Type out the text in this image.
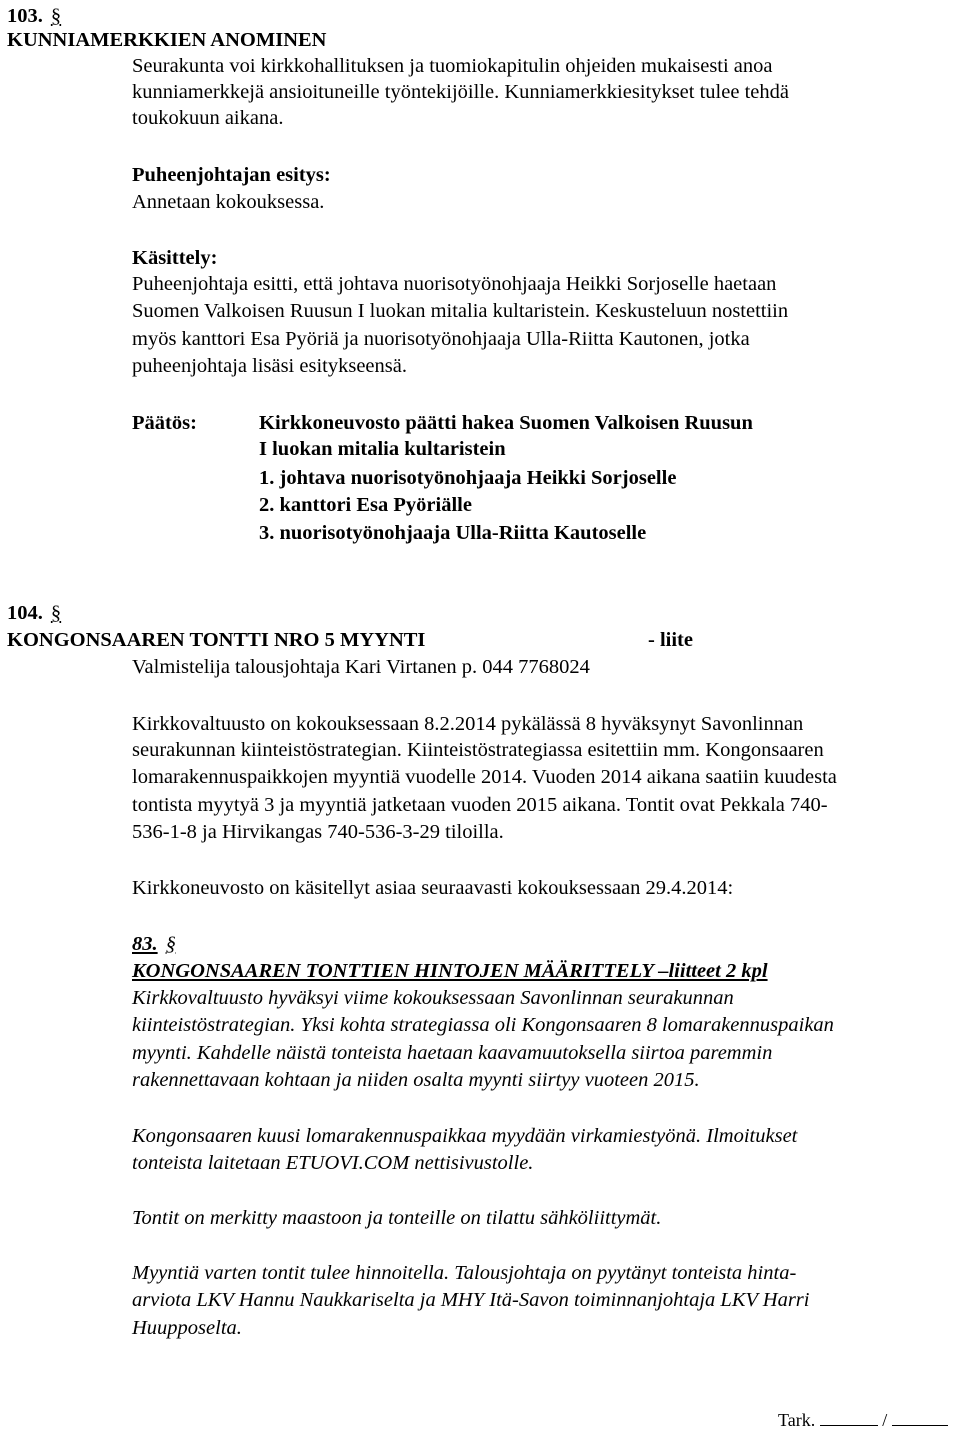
103. §
KUNNIAMERKKIEN ANOMINEN
Seurakunta voi kirkkohallituksen ja tuomiokapitulin ohjeiden mukaisesti anoa
kunniamerkkejä ansioituneille työntekijöille. Kunniamerkkiesitykset tulee tehdä
toukokuun aikana.
Puheenjohtajan esitys:
Annetaan kokouksessa.
Käsittely:
Puheenjohtaja esitti, että johtava nuorisotyönohjaaja Heikki Sorjoselle haetaan
Suomen Valkoisen Ruusun I luokan mitalia kultaristein. Keskusteluun nostettiin
myös kanttori Esa Pyöriä ja nuorisotyönohjaaja Ulla-Riitta Kautonen, jotka
puheenjohtaja lisäsi esitykseensä.
Päätös:	Kirkkoneuvosto päätti hakea Suomen Valkoisen Ruusun
I luokan mitalia kultaristein
1. johtava nuorisotyönohjaaja Heikki Sorjoselle
2. kanttori Esa Pyöriälle
3. nuorisotyönohjaaja Ulla-Riitta Kautoselle
104. §
KONGONSAAREN TONTTI NRO 5 MYYNTI	- liite
Valmistelija talousjohtaja Kari Virtanen p. 044 7768024
Kirkkovaltuusto on kokouksessaan 8.2.2014 pykälässä 8 hyväksynyt Savonlinnan
seurakunnan kiinteistöstrategian. Kiinteistöstrategiassa esitettiin mm. Kongonsaaren
lomarakennuspaikkojen myyntiä vuodelle 2014. Vuoden 2014 aikana saatiin kuudesta
tontista myytyä 3 ja myyntiä jatketaan vuoden 2015 aikana. Tontit ovat Pekkala 740-
536-1-8 ja Hirvikangas 740-536-3-29 tiloilla.
Kirkkoneuvosto on käsitellyt asiaa seuraavasti kokouksessaan 29.4.2014:
83. §
KONGONSAAREN TONTTIEN HINTOJEN MÄÄRITTELY –liitteet 2 kpl
Kirkkovaltuusto hyväksyi viime kokouksessaan Savonlinnan seurakunnan
kiinteistöstrategian. Yksi kohta strategiassa oli Kongonsaaren 8 lomarakennuspaikan
myynti. Kahdelle näistä tonteista haetaan kaavamuutoksella siirtoa paremmin
rakennettavaan kohtaan ja niiden osalta myynti siirtyy vuoteen 2015.
Kongonsaaren kuusi lomarakennuspaikkaa myydään virkamiestyönä. Ilmoitukset
tonteista laitetaan ETUOVI.COM nettisivustolle.
Tontit on merkitty maastoon ja tonteille on tilattu sähköliittymät.
Myyntiä varten tontit tulee hinnoitella. Talousjohtaja on pyytänyt tonteista hinta-
arviota LKV Hannu Naukkariselta ja MHY Itä-Savon toiminnanjohtaja LKV Harri
Huupposelta.
Tark.	/
